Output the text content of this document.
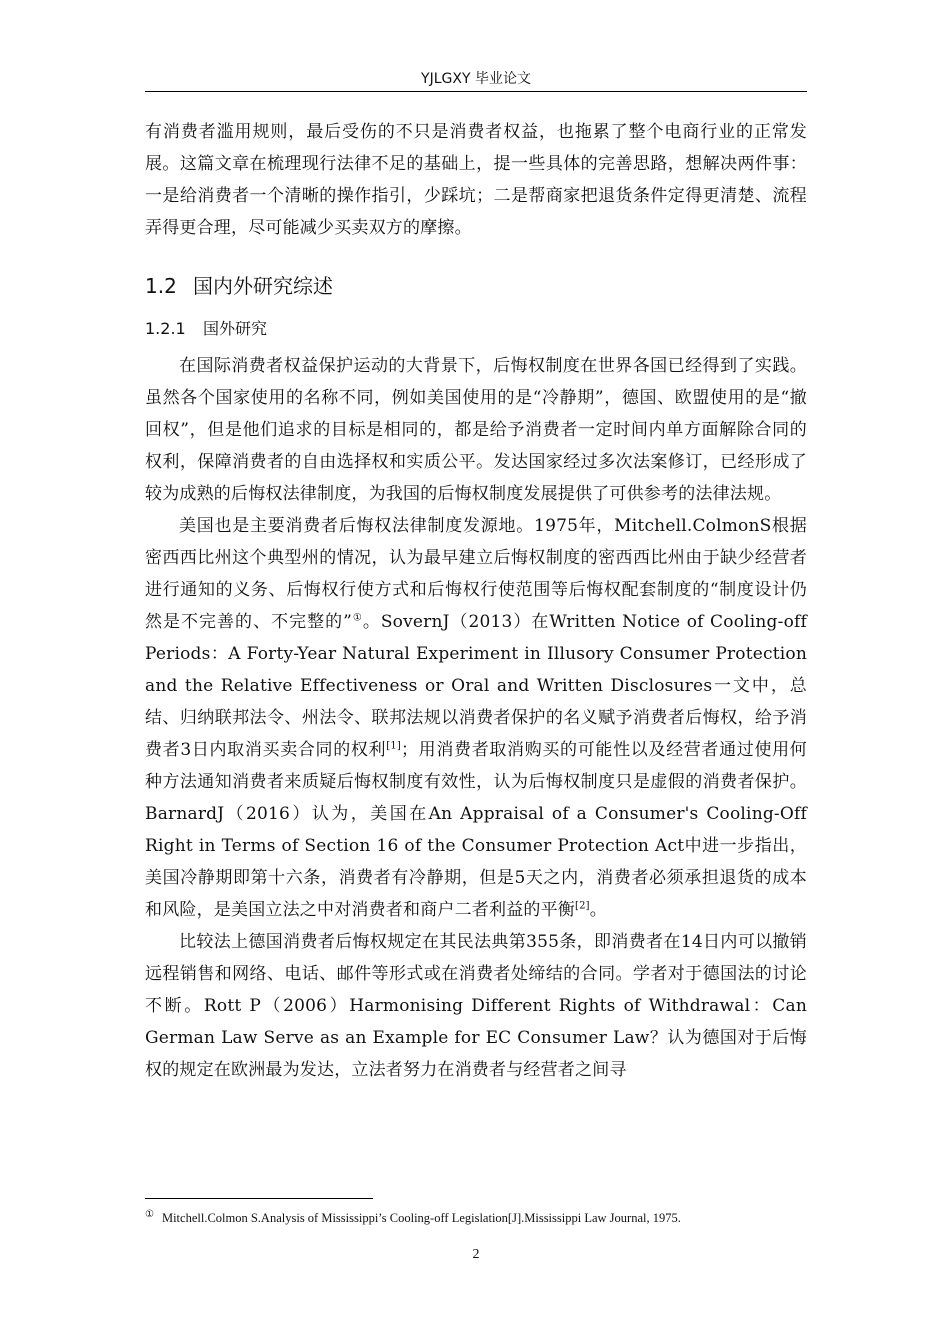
YJLGXY 毕业论文

有消费者滥用规则，最后受伤的不只是消费者权益，也拖累了整个电商行业的正常发展。这篇文章在梳理现行法律不足的基础上，提一些具体的完善思路，想解决两件事：一是给消费者一个清晰的操作指引，少踩坑；二是帮商家把退货条件定得更清楚、流程弄得更合理，尽可能减少买卖双方的摩擦。

1.2 国内外研究综述
1.2.1 国外研究

在国际消费者权益保护运动的大背景下，后悔权制度在世界各国已经得到了实践。虽然各个国家使用的名称不同，例如美国使用的是“冷静期”，德国、欧盟使用的是“撤回权”，但是他们追求的目标是相同的，都是给予消费者一定时间内单方面解除合同的权利，保障消费者的自由选择权和实质公平。发达国家经过多次法案修订，已经形成了较为成熟的后悔权法律制度，为我国的后悔权制度发展提供了可供参考的法律法规。

美国也是主要消费者后悔权法律制度发源地。1975年，Mitchell.ColmonS根据密西西比州这个典型州的情况，认为最早建立后悔权制度的密西西比州由于缺少经营者进行通知的义务、后悔权行使方式和后悔权行使范围等后悔权配套制度的“制度设计仍然是不完善的、不完整的”①。SovernJ（2013）在Written Notice of Cooling-off Periods：A Forty-Year Natural Experiment in Illusory Consumer Protection and the Relative Effectiveness or Oral and Written Disclosures一文中，总结、归纳联邦法令、州法令、联邦法规以消费者保护的名义赋予消费者后悔权，给予消费者3日内取消买卖合同的权利[1]；用消费者取消购买的可能性以及经营者通过使用何种方法通知消费者来质疑后悔权制度有效性，认为后悔权制度只是虚假的消费者保护。BarnardJ（2016）认为，美国在An Appraisal of a Consumer's Cooling-Off Right in Terms of Section 16 of the Consumer Protection Act中进一步指出，美国冷静期即第十六条，消费者有冷静期，但是5天之内，消费者必须承担退货的成本和风险，是美国立法之中对消费者和商户二者利益的平衡[2]。

比较法上德国消费者后悔权规定在其民法典第355条，即消费者在14日内可以撤销远程销售和网络、电话、邮件等形式或在消费者处缔结的合同。学者对于德国法的讨论不断。Rott P（2006）Harmonising Different Rights of Withdrawal：Can German Law Serve as an Example for EC Consumer Law？认为德国对于后悔权的规定在欧洲最为发达，立法者努力在消费者与经营者之间寻

① Mitchell.Colmon S.Analysis of Mississippi’s Cooling-off Legislation[J].Mississippi Law Journal, 1975.
2
